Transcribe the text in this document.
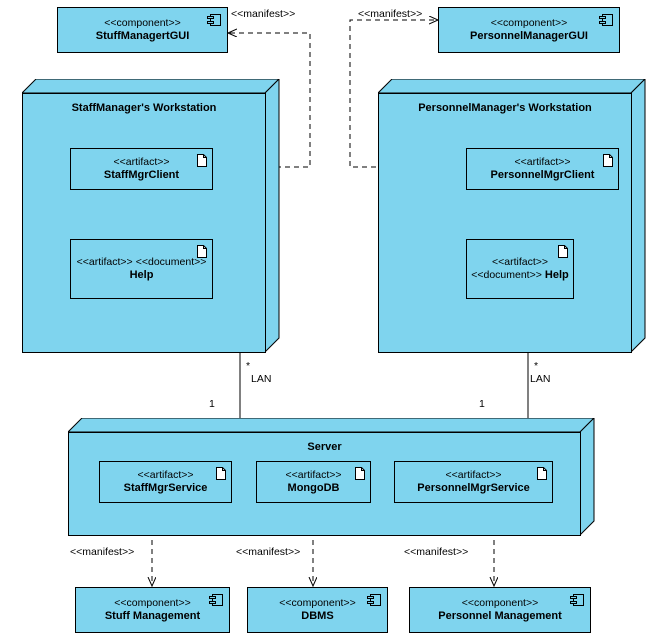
<<component>>
StuffManagertGUI
<<component>>
PersonnelManagerGUI
<<manifest>>	<<manifest>>
StaffManager's Workstation
<<artifact>> StaffMgrClient
<<artifact>> <<document>> Help
PersonnelManager's Workstation
<<artifact>> PersonnelMgrClient
<<artifact>> <<document>> Help
*
LAN
1
*
LAN
1
Server
<<artifact>> StaffMgrService
<<artifact>> MongoDB
<<artifact>> PersonnelMgrService
<<manifest>>	<<manifest>>	<<manifest>>
<<component>>
Stuff Management
<<component>>
DBMS
<<component>>
Personnel Management
